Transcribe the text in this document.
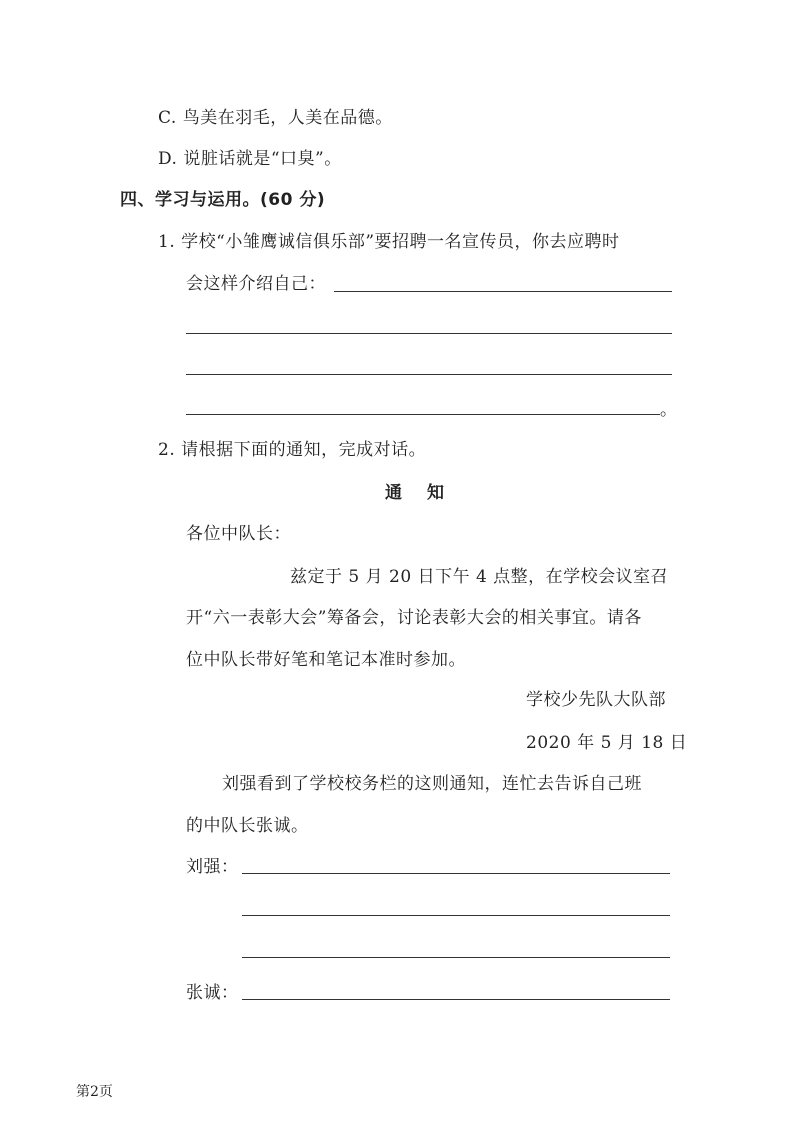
C. 鸟美在羽毛，人美在品德。
D. 说脏话就是“口臭”。
四、学习与运用。(60 分)
1. 学校“小雏鹰诚信俱乐部”要招聘一名宣传员，你去应聘时
会这样介绍自己：
。
2. 请根据下面的通知，完成对话。
通　知
各位中队长：
兹定于 5 月 20 日下午 4 点整，在学校会议室召
开“六一表彰大会”筹备会，讨论表彰大会的相关事宜。请各
位中队长带好笔和笔记本准时参加。
学校少先队大队部
2020 年 5 月 18 日
刘强看到了学校校务栏的这则通知，连忙去告诉自己班
的中队长张诚。
刘强：
张诚：
第2页
